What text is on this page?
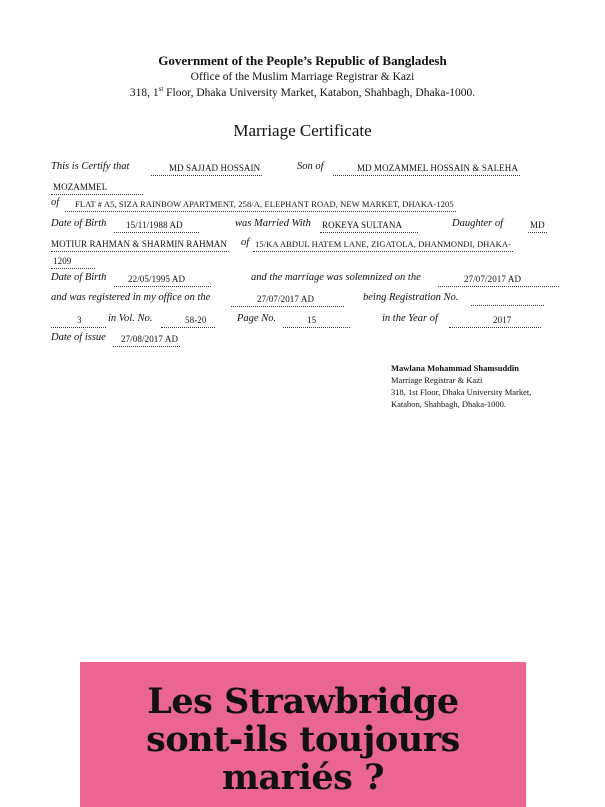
Government of the People’s Republic of Bangladesh
Office of the Muslim Marriage Registrar & Kazi
318, 1st Floor, Dhaka University Market, Katabon, Shahbagh, Dhaka-1000.
Marriage Certificate
This is Certify that	MD SAJJAD HOSSAIN	Son of	MD MOZAMMEL HOSSAIN & SALEHA
MOZAMMEL
of	FLAT # A5, SIZA RAINBOW APARTMENT, 258/A, ELEPHANT ROAD, NEW MARKET, DHAKA-1205
Date of Birth	15/11/1988 AD	was Married With ROKEYA SULTANA	Daughter of	MD
MOTIUR RAHMAN & SHARMIN RAHMAN of 15/KA ABDUL HATEM LANE, ZIGATOLA, DHANMONDI, DHAKA-
1209
Date of Birth	22/05/1995 AD	and the marriage was solemnized on the	27/07/2017 AD
and was registered in my office on the	27/07/2017 AD	being Registration No.
3	in Vol. No.	58-20	Page No.	15	in the Year of	2017
Date of issue	27/08/2017 AD
Mawlana Mohammad Shamsuddin
Marriage Registrar & Kazi
318, 1st Floor, Dhaka University Market,
Katabon, Shahbagh, Dhaka-1000.
Les Strawbridge
sont-ils toujours
mariés ?
